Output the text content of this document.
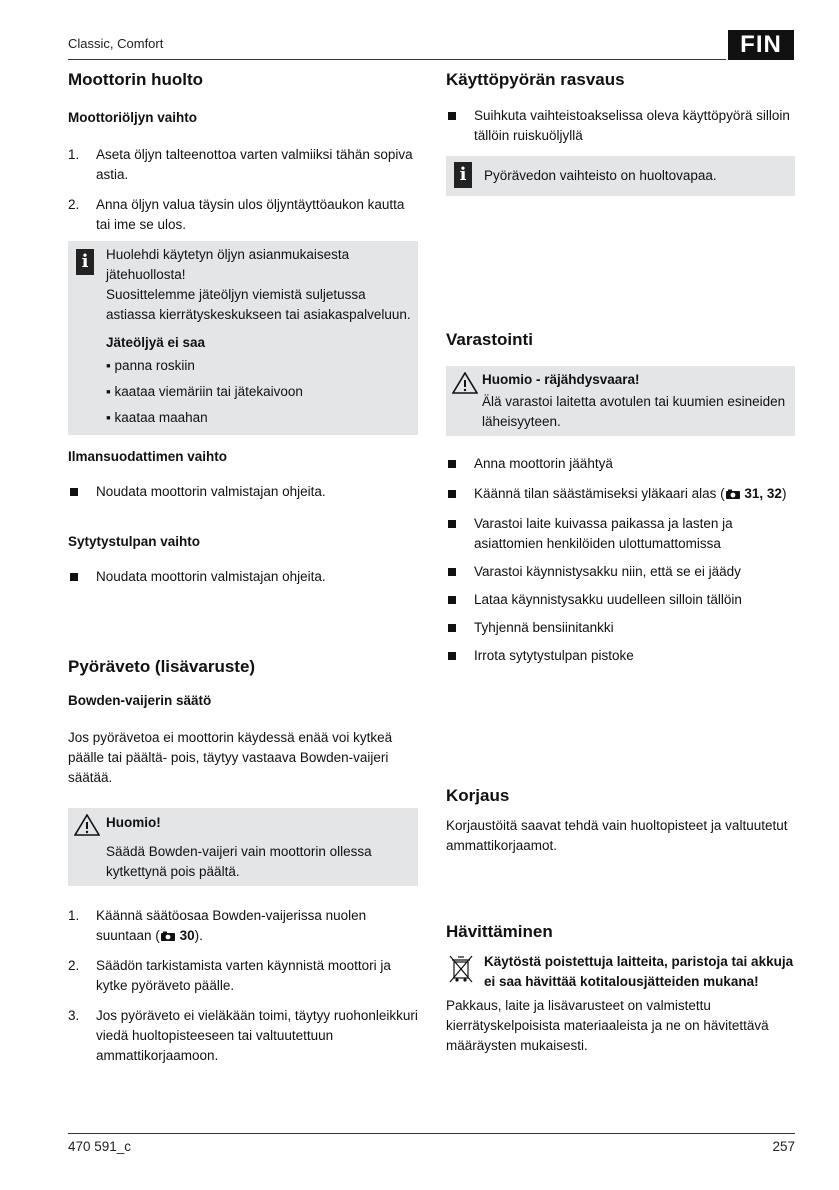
Classic, Comfort	FIN
Moottorin huolto
Moottoriöljyn vaihto
1. Aseta öljyn talteenottoa varten valmiiksi tähän sopiva astia.
2. Anna öljyn valua täysin ulos öljyntäyttöaukon kautta tai ime se ulos.
i	Huolehdi käytetyn öljyn asianmukaisesta jätehuollosta!

Suosittelemme jäteöljyn viemistä suljetussa astiassa kierrätyskeskukseen tai asiakaspalveluun.

Jäteöljyä ei saa

▪ panna roskiin
▪ kaataa viemäriin tai jätekaivoon
▪ kaataa maahan
Ilmansuodattimen vaihto
Noudata moottorin valmistajan ohjeita.
Sytytystulpan vaihto
Noudata moottorin valmistajan ohjeita.
Pyöräveto (lisävaruste)
Bowden-vaijerin säätö

Jos pyörävetoa ei moottorin käydessä enää voi kytkeä päälle tai päältä- pois, täytyy vastaava Bowden-vaijeri säätää.

Huomio!

Säädä Bowden-vaijeri vain moottorin ollessa kytkettynä pois päältä.

1. Käännä säätöosaa Bowden-vaijerissa nuolen suuntaan ( 30).
2. Säädön tarkistamista varten käynnistä moottori ja kytke pyöräveto päälle.
3. Jos pyöräveto ei vieläkään toimi, täytyy ruohonleikkuri viedä huoltopisteeseen tai valtuutettuun ammattikorjaamoon.
Käyttöpyörän rasvaus
Suihkuta vaihteistoakselissa oleva käyttöpyörä silloin tällöin ruiskuöljyllä
i	Pyörävedon vaihteisto on huoltovapaa.

Varastointi
Huomio - räjähdysvaara!

Älä varastoi laitetta avotulen tai kuumien esineiden läheisyyteen.

Anna moottorin jäähtyä
Käännä tilan säästämiseksi yläkaari alas ( 31, 32)
Varastoi laite kuivassa paikassa ja lasten ja asiattomien henkilöiden ulottumattomissa
Varastoi käynnistysakku niin, että se ei jäädy
Lataa käynnistysakku uudelleen silloin tällöin
Tyhjennä bensiinitankki
Irrota sytytystulpan pistoke
Korjaus

Korjaustöitä saavat tehdä vain huoltopisteet ja valtuutetut ammattikorjaamot.

Hävittäminen

Käytöstä poistettuja laitteita, paristoja tai akkuja ei saa hävittää kotitalousjätteiden mukana!

Pakkaus, laite ja lisävarusteet on valmistettu kierrätyskelpoisista materiaaleista ja ne on hävitettävä määräysten mukaisesti.

470 591_c	257
